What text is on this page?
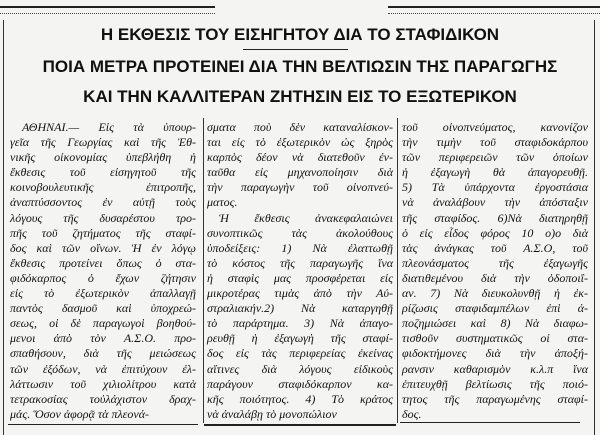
Η ΕΚΘΕΣΙΣ ΤΟΥ ΕΙΣΗΓΗΤΟΥ ΔΙΑ ΤΟ ΣΤΑΦΙΔΙΚΟΝ
ΠΟΙΑ ΜΕΤΡΑ ΠΡΟΤΕΙΝΕΙ ΔΙΑ ΤΗΝ ΒΕΛΤΙΩΣΙΝ ΤΗΣ ΠΑΡΑΓΩΓΗΣ
ΚΑΙ ΤΗΝ ΚΑΛΛΙΤΕΡΑΝ ΖΗΤΗΣΙΝ ΕΙΣ ΤΟ ΕΞΩΤΕΡΙΚΟΝ
ΑΘΗΝΑΙ.— Εἰς τὰ ὑπουρ-
γεῖα τῆς Γεωργίας καὶ τῆς Ἐθ-
νικῆς οἰκονομίας ὑπεβλήθη ἡ
ἔκθεσις τοῦ εἰσηγητοῦ τῆς
κοινοβουλευτικῆς ἐπιτροπῆς,
ἀναπτύσσοντος ἐν αὐτῇ τοὺς
λόγους τῆς δυσαρέστου τρο-
πῆς τοῦ ζητήματος τῆς σταφί-
δος καὶ τῶν οἴνων. Ἡ ἐν λόγῳ
ἔκθεσις προτείνει ὅπως ὁ στα-
φιδόκαρπος ὁ ἔχων ζήτησιν
εἰς τὸ ἐξωτερικὸν ἀπαλλαγῇ
παντὸς δασμοῦ καὶ ὑποχρεώ-
σεως, οἱ δὲ παραγωγοὶ βοηθού-
μενοι ἀπὸ τὸν Α.Σ.Ο. προ-
σπαθήσουν, διὰ τῆς μειώσεως
τῶν ἐξόδων, νὰ ἐπιτύχουν ἐλ-
λάττωσιν τοῦ χιλιολίτρου κατὰ
τετρακοσίας τοὐλάχιστον δραχ-
μάς. Ὅσον ἀφορᾷ τὰ πλεονά-
σματα ποὺ δὲν καταναλίσκον-
ται εἰς τὸ ἐξωτερικὸν ὡς ξηρὸς
καρπὸς δέον νὰ διατεθοῦν ἐν-
ταῦθα εἰς μηχανοποίησιν διὰ
τὴν παραγωγὴν τοῦ οἰνοπνεύ-
ματος.
Ἡ ἔκθεσις ἀνακεφαλαιώνει
συνοπτικῶς τὰς ἀκολούθους
ὑποδείξεις: 1) Νὰ ἐλαττωθῇ
τὸ κόστος τῆς παραγωγῆς ἵνα
ἡ σταφὶς μας προσφέρεται εἰς
μικροτέρας τιμὰς ἀπὸ τὴν Αὐ-
στραλιακήν.2) Νὰ καταργηθῇ
τὸ παράρτημα. 3) Νὰ ἀπαγο-
ρευθῇ ἡ ἐξαγωγὴ τῆς σταφί-
δος εἰς τὰς περιφερείας ἐκείνας
αἵτινες διὰ λόγους εἰδικοὺς
παράγουν σταφιδόκαρπον κα-
κῆς ποιότητος. 4) Τὸ κράτος
νὰ ἀναλάβῃ τὸ μονοπώλιον
τοῦ οἰνοπνεύματος, κανονίζον
τὴν τιμὴν τοῦ σταφιδοκάρπου
τῶν περιφερειῶν τῶν ὁποίων
ἡ ἐξαγωγὴ θὰ ἀπαγορευθῇ.
5) Τὰ ὑπάρχοντα ἐργοστάσια
νὰ ἀναλάβουν τὴν ἀπόσταξιν
τῆς σταφίδος. 6)Νὰ διατηρηθῇ
ὁ εἰς εἶδος φόρος 10 ο)ο διὰ
τὰς ἀνάγκας τοῦ Α.Σ.Ο, τοῦ
πλεονάσματος τῆς ἐξαγωγῆς
διατιθεμένου διὰ τὴν ὁδοποιΐ-
αν. 7) Νὰ διευκολυνθῇ ἡ ἐκ-
ρίζωσις σταφιδαμπέλων ἐπὶ ἀ-
ποζημιώσει καὶ 8) Νὰ διαφω-
τισθοῦν συστηματικῶς οἱ στα-
φιδοκτήμονες διὰ τὴν ἀποξή-
ρανσιν καθαρισμὸν κ.λ.π ἵνα
ἐπιτευχθῇ βελτίωσις τῆς ποιό-
τητος τῆς παραγωμένης σταφί-
δος.
